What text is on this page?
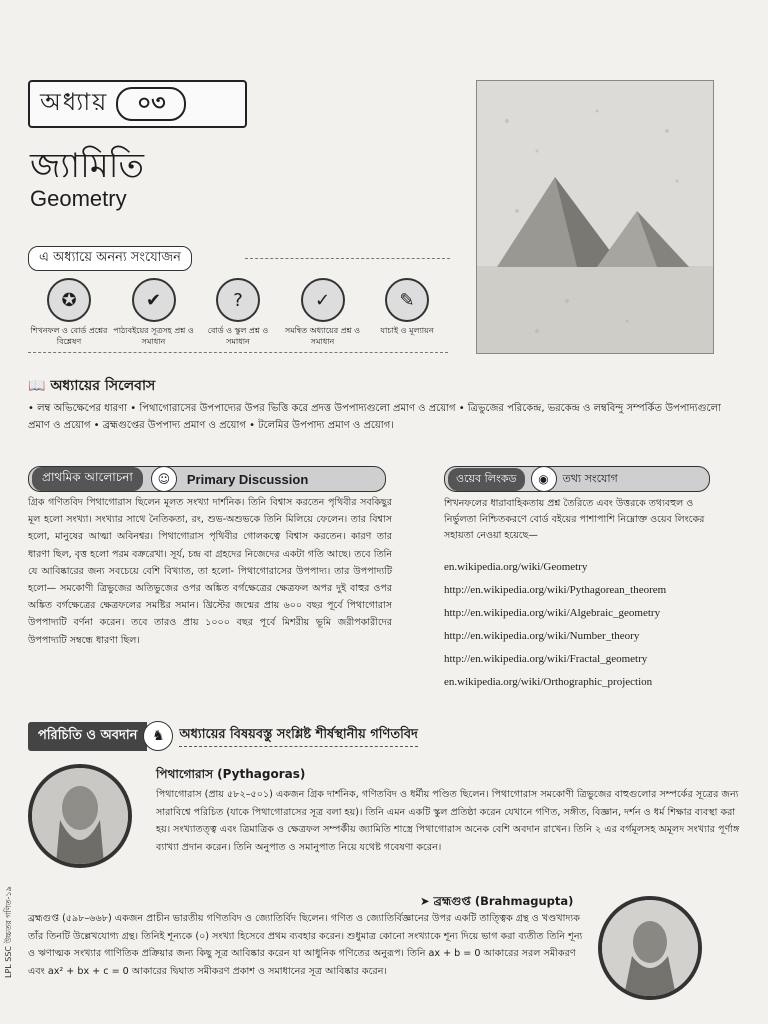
অধ্যায়	০৩
জ্যামিতি
Geometry
এ অধ্যায়ে অনন্য সংযোজন
✪
শিখনফল ও বোর্ড প্রশ্নের বিশ্লেষণ
✔
পাঠ্যবইয়ের সূত্রসহ প্রশ্ন ও সমাধান
?
বোর্ড ও স্কুল প্রশ্ন ও সমাধান
✓
সমন্বিত অধ্যায়ের প্রশ্ন ও সমাধান
✎
যাচাই ও মূল্যায়ন
📖 অধ্যায়ের সিলেবাস
• লম্ব অভিক্ষেপের ধারণা • পিথাগোরাসের উপপাদ্যের উপর ভিত্তি করে প্রদত্ত উপপাদ্যগুলো প্রমাণ ও প্রয়োগ • ত্রিভুজের পরিকেন্দ্র, ভরকেন্দ্র ও লম্ববিন্দু সম্পর্কিত উপপাদ্যগুলো প্রমাণ ও প্রয়োগ • ব্রহ্মগুপ্তের উপপাদ্য প্রমাণ ও প্রয়োগ • টলেমির উপপাদ্য প্রমাণ ও প্রয়োগ।
প্রাথমিক আলোচনা	☺	Primary Discussion
গ্রিক গণিতবিদ পিথাগোরাস ছিলেন মূলত সংখ্যা দার্শনিক। তিনি বিশ্বাস করতেন পৃথিবীর সবকিছুর মূল হলো সংখ্যা। সংখ্যার সাথে নৈতিকতা, রং, শুভ-অশুভকে তিনি মিলিয়ে ফেলেন। তার বিশ্বাস হলো, মানুষের আত্মা অবিনশ্বর। পিথাগোরাস পৃথিবীর গোলকত্বে বিশ্বাস করতেন। কারণ তার ধারণা ছিল, বৃত্ত হলো পরম বক্ররেখা। সূর্য, চন্দ্র বা গ্রহদের নিজেদের একটা গতি আছে। তবে তিনি যে আবিষ্কারের জন্য সবচেয়ে বেশি বিখ্যাত, তা হলো- পিথাগোরাসের উপপাদ্য। তার উপপাদ্যটি হলো— সমকোণী ত্রিভুজের অতিভুজের ওপর অঙ্কিত বর্গক্ষেত্রের ক্ষেত্রফল অপর দুই বাহুর ওপর অঙ্কিত বর্গক্ষেত্রের ক্ষেত্রফলের সমষ্টির সমান। খ্রিস্টের জন্মের প্রায় ৬০০ বছর পূর্বে পিথাগোরাস উপপাদ্যটি বর্ণনা করেন। তবে তারও প্রায় ১০০০ বছর পূর্বে মিশরীয় ভূমি জরীপকারীদের উপপাদ্যটি সম্বন্ধে ধারণা ছিল।
ওয়েব লিংকড	◉	তথ্য সংযোগ
শিখনফলের ধারাবাহিকতায় প্রশ্ন তৈরিতে এবং উত্তরকে তথ্যবহুল ও নির্ভুলতা নিশ্চিতকরণে বোর্ড বইয়ের পাশাপাশি নিম্নোক্ত ওয়েব লিংকের সহায়তা নেওয়া হয়েছে—
en.wikipedia.org/wiki/Geometry
http://en.wikipedia.org/wiki/Pythagorean_theorem
http://en.wikipedia.org/wiki/Algebraic_geometry
http://en.wikipedia.org/wiki/Number_theory
http://en.wikipedia.org/wiki/Fractal_geometry
en.wikipedia.org/wiki/Orthographic_projection
পরিচিতি ও অবদান	♞	অধ্যায়ের বিষয়বস্তু সংশ্লিষ্ট শীর্ষস্থানীয় গণিতবিদ
পিথাগোরাস (Pythagoras)
পিথাগোরাস (প্রায় ৫৮২–৫০১) একজন গ্রিক দার্শনিক, গণিতবিদ ও ধর্মীয় পণ্ডিত ছিলেন। পিথাগোরাস সমকোণী ত্রিভুজের বাহুগুলোর সম্পর্কের সূত্রের জন্য সারাবিশ্বে পরিচিত (যাকে পিথাগোরাসের সূত্র বলা হয়)। তিনি এমন একটি স্কুল প্রতিষ্ঠা করেন যেখানে গণিত, সঙ্গীত, বিজ্ঞান, দর্শন ও ধর্ম শিক্ষার ব্যবস্থা করা হয়। সংখ্যাতত্ত্ব এবং ত্রিমাত্রিক ও ক্ষেত্রফল সম্পর্কীয় জ্যামিতি শাস্ত্রে পিথাগোরাস অনেক বেশি অবদান রাখেন। তিনি ২ এর বর্গমূলসহ অমূলদ সংখ্যার পূর্ণাঙ্গ ব্যাখ্যা প্রদান করেন। তিনি অনুপাত ও সমানুপাত নিয়ে যথেষ্ট গবেষণা করেন।
➤ ব্রহ্মগুপ্ত (Brahmagupta)
ব্রহ্মগুপ্ত (৫৯৮–৬৬৮) একজন প্রাচীন ভারতীয় গণিতবিদ ও জ্যোতির্বিদ ছিলেন। গণিত ও জ্যোতির্বিজ্ঞানের উপর একটি তাত্ত্বিক গ্রন্থ ও খণ্ডখাদ্যক তাঁর তিনটি উল্লেখযোগ্য গ্রন্থ। তিনিই শূন্যকে (০) সংখ্যা হিসেবে প্রথম ব্যবহার করেন। শুধুমাত্র কোনো সংখ্যাকে শূন্য দিয়ে ভাগ করা ব্যতীত তিনি শূন্য ও ঋণাত্মক সংখ্যার গাণিতিক প্রক্রিয়ার জন্য কিছু সূত্র আবিষ্কার করেন যা আধুনিক গণিতের অনুরূপ। তিনি ax + b = 0 আকারের সরল সমীকরণ এবং ax² + bx + c = 0 আকারের দ্বিঘাত সমীকরণ প্রকাশ ও সমাধানের সূত্র আবিষ্কার করেন।
LPL SSC উচ্চতর গণিত-১৯
